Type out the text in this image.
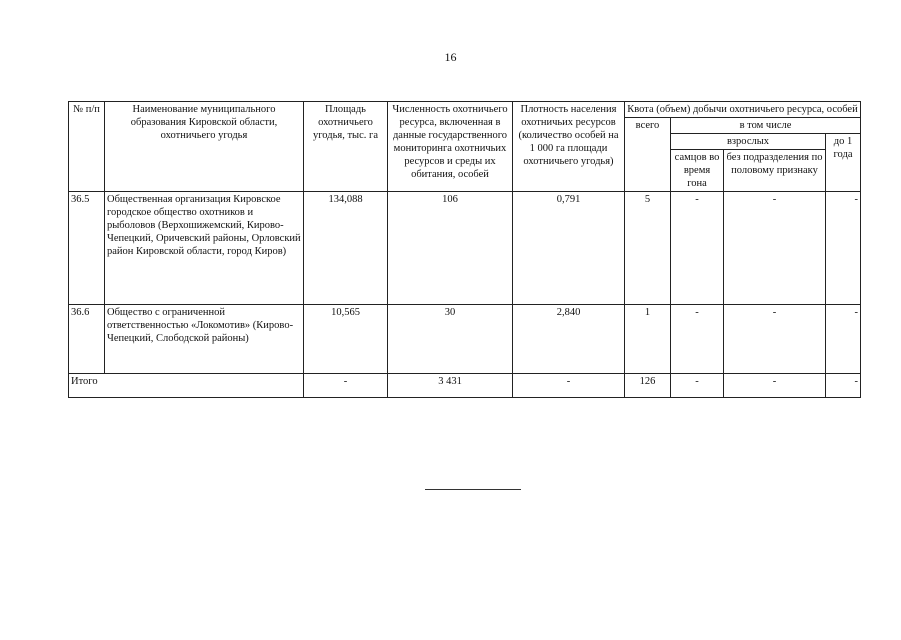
16
№ п/п	Наименование муниципального образования Кировской области, охотничьего угодья	Площадь охотничьего угодья, тыс. га	Численность охотничьего ресурса, включенная в данные государственного мониторинга охотничьих ресурсов и среды их обитания, особей	Плотность населения охотничьих ресурсов (количество особей на 1 000 га площади охотничьего угодья)	Квота (объем) добычи охотничьего ресурса, особей			
					всего	в том числе		
						взрослых		до 1 года
						самцов во время гона	без подразделения по половому признаку	
36.5	Общественная организация Кировское городское общество охотников и рыболовов (Верхошижемский, Кирово-Чепецкий, Оричевский районы, Орловский район Кировской области, город Киров)	134,088	106	0,791	5	-	-	-
36.6	Общество с ограниченной ответственностью «Локомотив» (Кирово-Чепецкий, Слободской районы)	10,565	30	2,840	1	-	-	-
Итого		-	3 431	-	126	-	-	-
